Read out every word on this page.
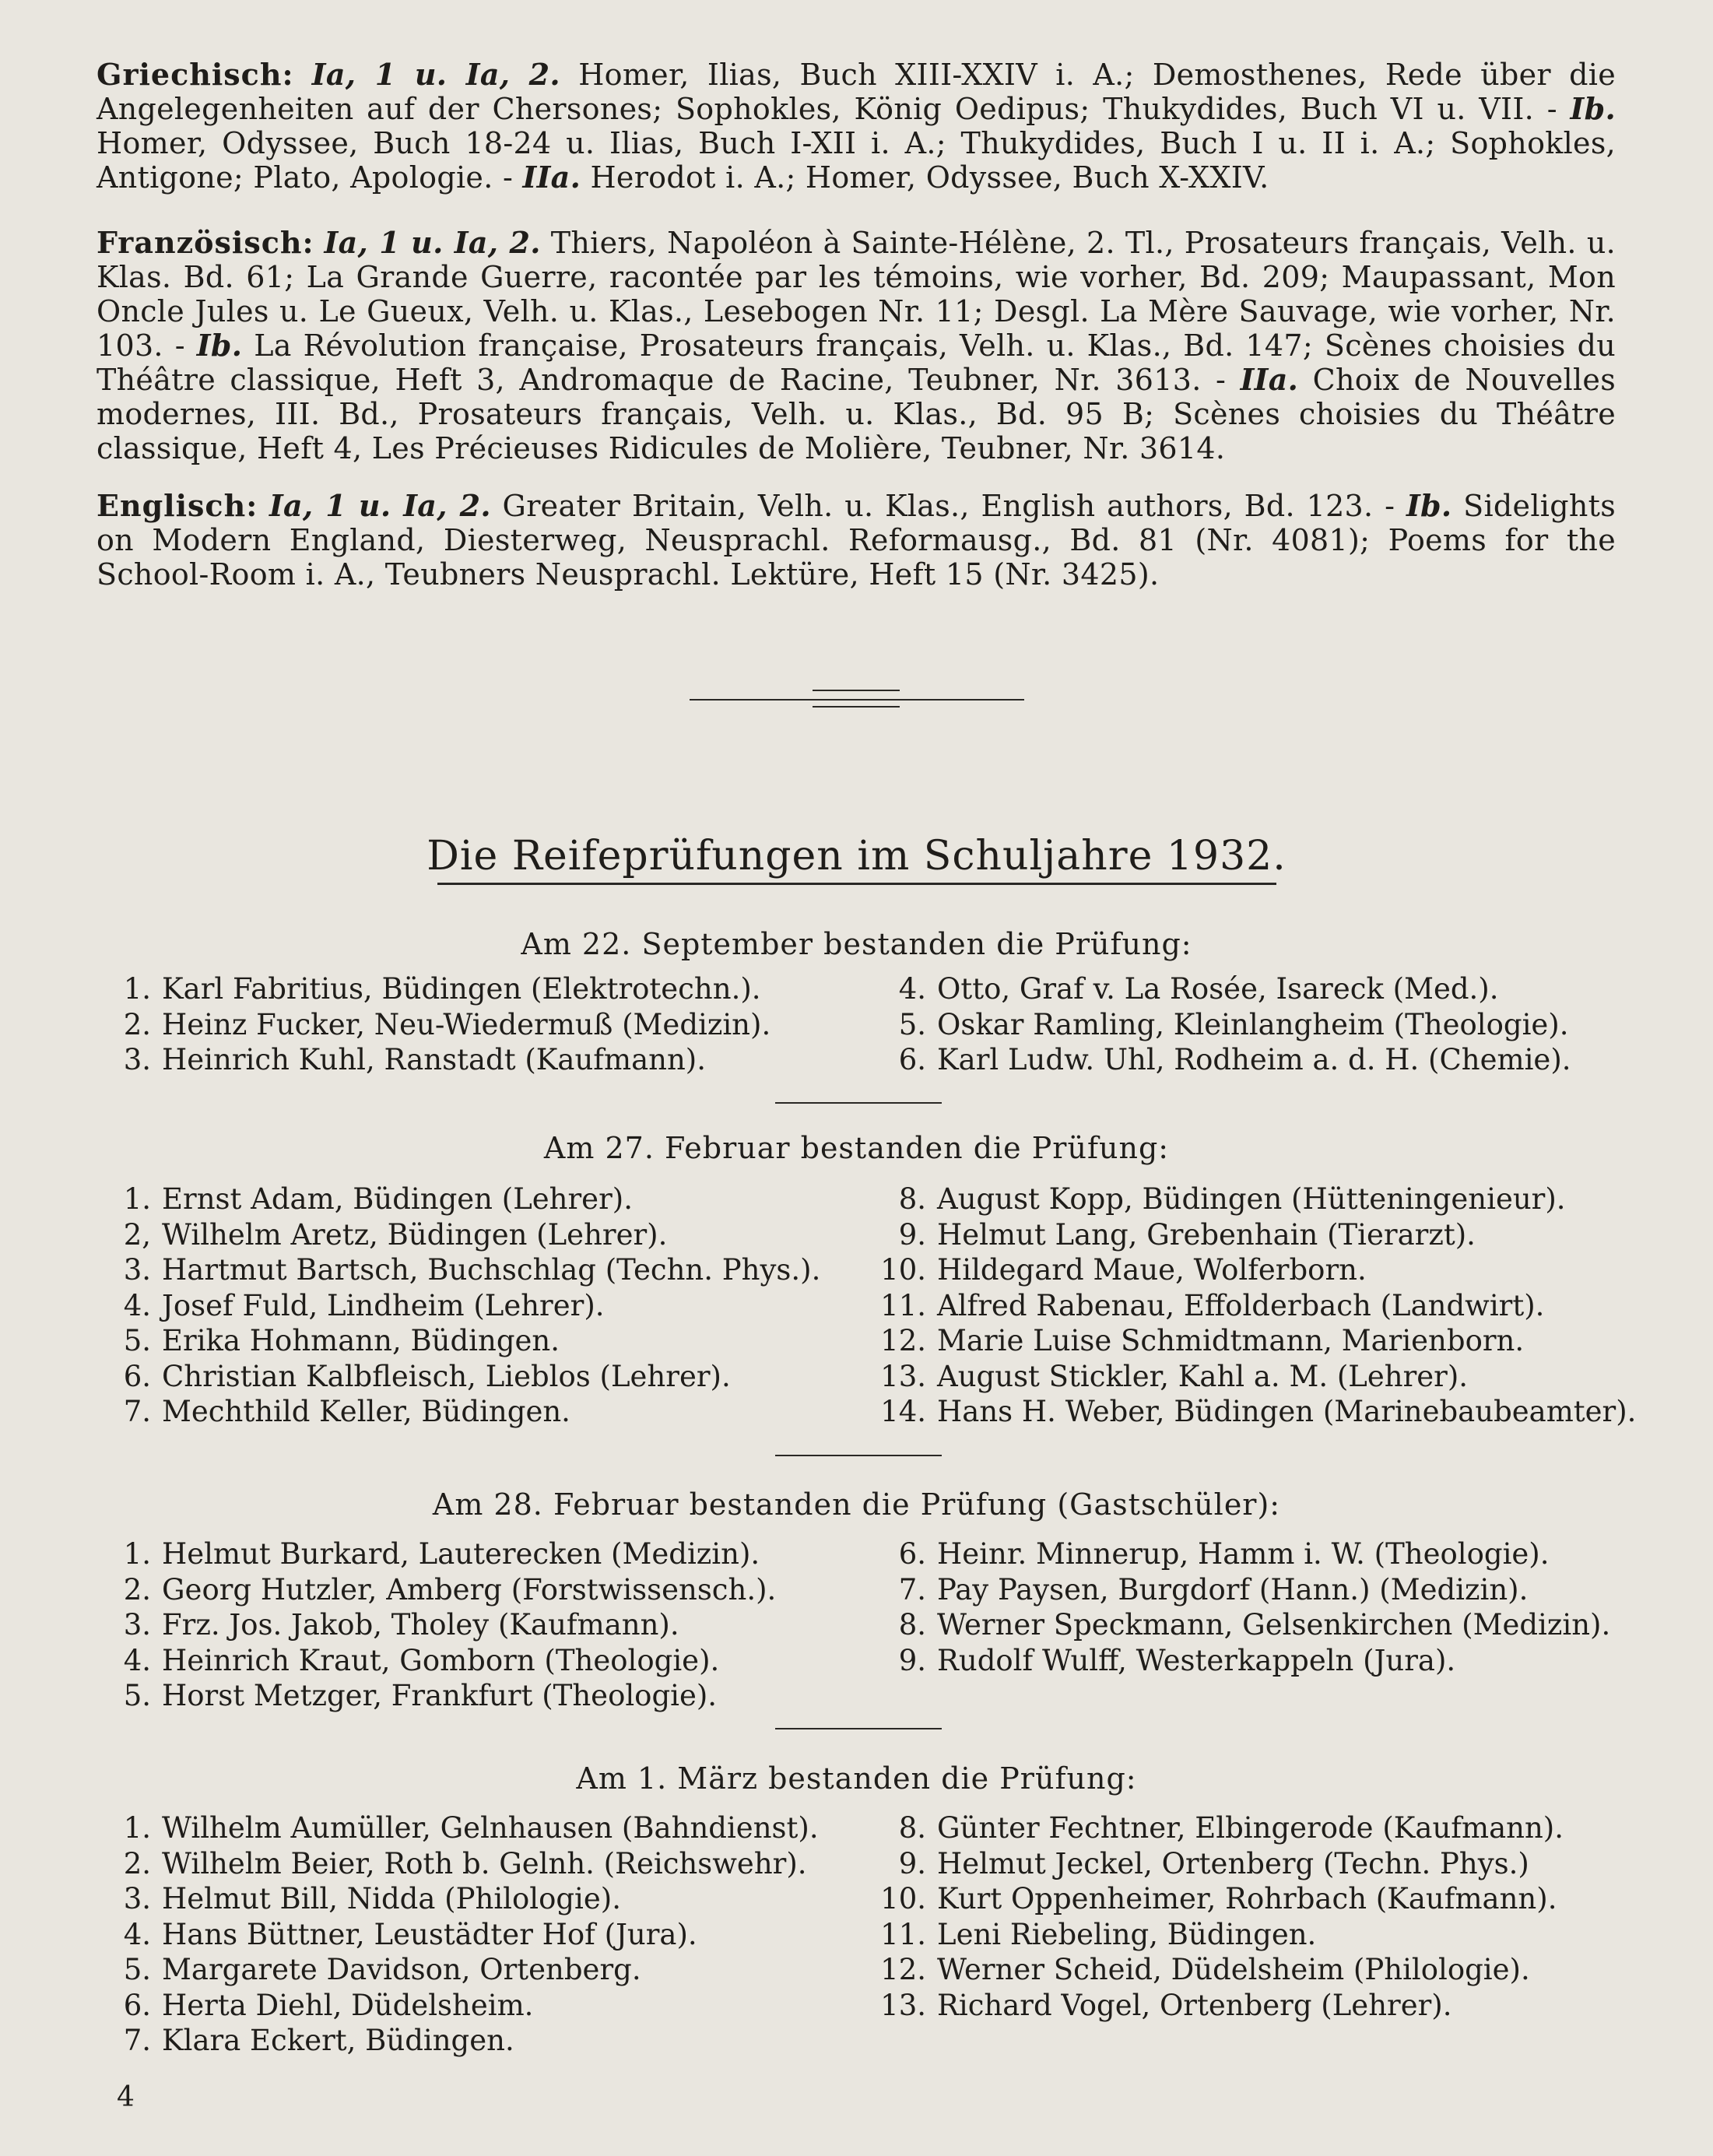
Griechisch: Ia, 1 u. Ia, 2. Homer, Ilias, Buch XIII-XXIV i. A.; Demosthenes, Rede über die Angelegenheiten auf der Chersones; Sophokles, König Oedipus; Thukydides, Buch VI u. VII. - Ib. Homer, Odyssee, Buch 18-24 u. Ilias, Buch I-XII i. A.; Thukydides, Buch I u. II i. A.; Sophokles, Antigone; Plato, Apologie. - IIa. Herodot i. A.; Homer, Odyssee, Buch X-XXIV.
Französisch: Ia, 1 u. Ia, 2. Thiers, Napoléon à Sainte-Hélène, 2. Tl., Prosateurs français, Velh. u. Klas. Bd. 61; La Grande Guerre, racontée par les témoins, wie vorher, Bd. 209; Maupassant, Mon Oncle Jules u. Le Gueux, Velh. u. Klas., Lesebogen Nr. 11; Desgl. La Mère Sauvage, wie vorher, Nr. 103. - Ib. La Révolution française, Prosateurs français, Velh. u. Klas., Bd. 147; Scènes choisies du Théâtre classique, Heft 3, Andromaque de Racine, Teubner, Nr. 3613. - IIa. Choix de Nouvelles modernes, III. Bd., Prosateurs français, Velh. u. Klas., Bd. 95 B; Scènes choisies du Théâtre classique, Heft 4, Les Précieuses Ridicules de Molière, Teubner, Nr. 3614.
Englisch: Ia, 1 u. Ia, 2. Greater Britain, Velh. u. Klas., English authors, Bd. 123. - Ib. Sidelights on Modern England, Diesterweg, Neusprachl. Reformausg., Bd. 81 (Nr. 4081); Poems for the School-Room i. A., Teubners Neusprachl. Lektüre, Heft 15 (Nr. 3425).
Die Reifeprüfungen im Schuljahre 1932.
Am 22. September bestanden die Prüfung:
1. Karl Fabritius, Büdingen (Elektrotechn.).
2. Heinz Fucker, Neu-Wiedermuß (Medizin).
3. Heinrich Kuhl, Ranstadt (Kaufmann).
4. Otto, Graf v. La Rosée, Isareck (Med.).
5. Oskar Ramling, Kleinlangheim (Theologie).
6. Karl Ludw. Uhl, Rodheim a. d. H. (Chemie).
Am 27. Februar bestanden die Prüfung:
1. Ernst Adam, Büdingen (Lehrer).
2, Wilhelm Aretz, Büdingen (Lehrer).
3. Hartmut Bartsch, Buchschlag (Techn. Phys.).
4. Josef Fuld, Lindheim (Lehrer).
5. Erika Hohmann, Büdingen.
6. Christian Kalbfleisch, Lieblos (Lehrer).
7. Mechthild Keller, Büdingen.
8. August Kopp, Büdingen (Hütteningenieur).
9. Helmut Lang, Grebenhain (Tierarzt).
10. Hildegard Maue, Wolferborn.
11. Alfred Rabenau, Effolderbach (Landwirt).
12. Marie Luise Schmidtmann, Marienborn.
13. August Stickler, Kahl a. M. (Lehrer).
14. Hans H. Weber, Büdingen (Marinebaubeamter).
Am 28. Februar bestanden die Prüfung (Gastschüler):
1. Helmut Burkard, Lauterecken (Medizin).
2. Georg Hutzler, Amberg (Forstwissensch.).
3. Frz. Jos. Jakob, Tholey (Kaufmann).
4. Heinrich Kraut, Gomborn (Theologie).
5. Horst Metzger, Frankfurt (Theologie).
6. Heinr. Minnerup, Hamm i. W. (Theologie).
7. Pay Paysen, Burgdorf (Hann.) (Medizin).
8. Werner Speckmann, Gelsenkirchen (Medizin).
9. Rudolf Wulff, Westerkappeln (Jura).
Am 1. März bestanden die Prüfung:
1. Wilhelm Aumüller, Gelnhausen (Bahndienst).
2. Wilhelm Beier, Roth b. Gelnh. (Reichswehr).
3. Helmut Bill, Nidda (Philologie).
4. Hans Büttner, Leustädter Hof (Jura).
5. Margarete Davidson, Ortenberg.
6. Herta Diehl, Düdelsheim.
7. Klara Eckert, Büdingen.
8. Günter Fechtner, Elbingerode (Kaufmann).
9. Helmut Jeckel, Ortenberg (Techn. Phys.)
10. Kurt Oppenheimer, Rohrbach (Kaufmann).
11. Leni Riebeling, Büdingen.
12. Werner Scheid, Düdelsheim (Philologie).
13. Richard Vogel, Ortenberg (Lehrer).
4
